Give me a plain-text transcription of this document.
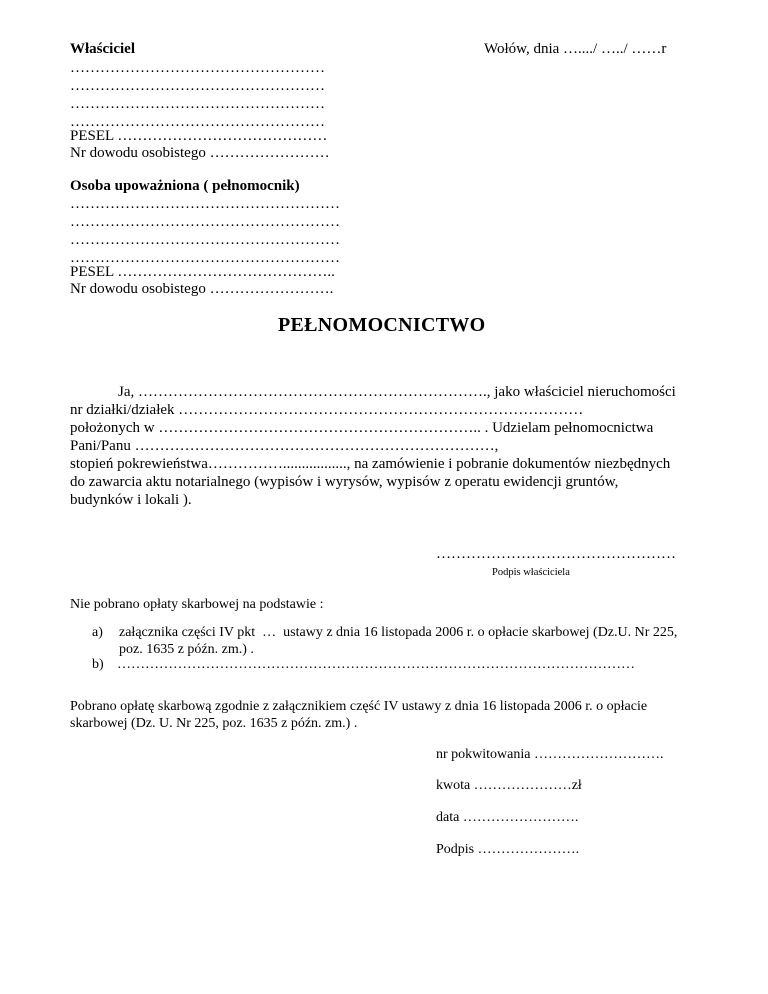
Właściciel
……………………………………………
……………………………………………
……………………………………………
……………………………………………
PESEL ……………………………………
Nr dowodu osobistego ……………………
Wołów, dnia …..../ …../ ……r
Osoba upoważniona ( pełnomocnik)
………………………………………………
………………………………………………
………………………………………………
………………………………………………
PESEL ……………………………………..
Nr dowodu osobistego …………………….
PEŁNOMOCNICTWO
Ja, ……………………………………………………………., jako właściciel nieruchomości
nr działki/działek ………………………………………………………………………
położonych w ……………………………………………………….. . Udzielam pełnomocnictwa
Pani/Panu ………………………………………………………………,
stopień pokrewieństwa……………................., na zamówienie i pobranie dokumentów niezbędnych
do zawarcia aktu notarialnego (wypisów i wyrysów, wypisów z operatu ewidencji gruntów,
budynków i lokali ).
…………………………………………
Podpis właściciela
Nie pobrano opłaty skarbowej na podstawie :
a) załącznika części IV pkt  …  ustawy z dnia 16 listopada 2006 r. o opłacie skarbowej (Dz.U. Nr 225,
poz. 1635 z późn. zm.) .
b) …………………………………………………………………………………………………
Pobrano opłatę skarbową zgodnie z załącznikiem część IV ustawy z dnia 16 listopada 2006 r. o opłacie
skarbowej (Dz. U. Nr 225, poz. 1635 z późn. zm.) .
nr pokwitowania ……………………….
kwota …………………zł
data …………………….
Podpis ………………….
